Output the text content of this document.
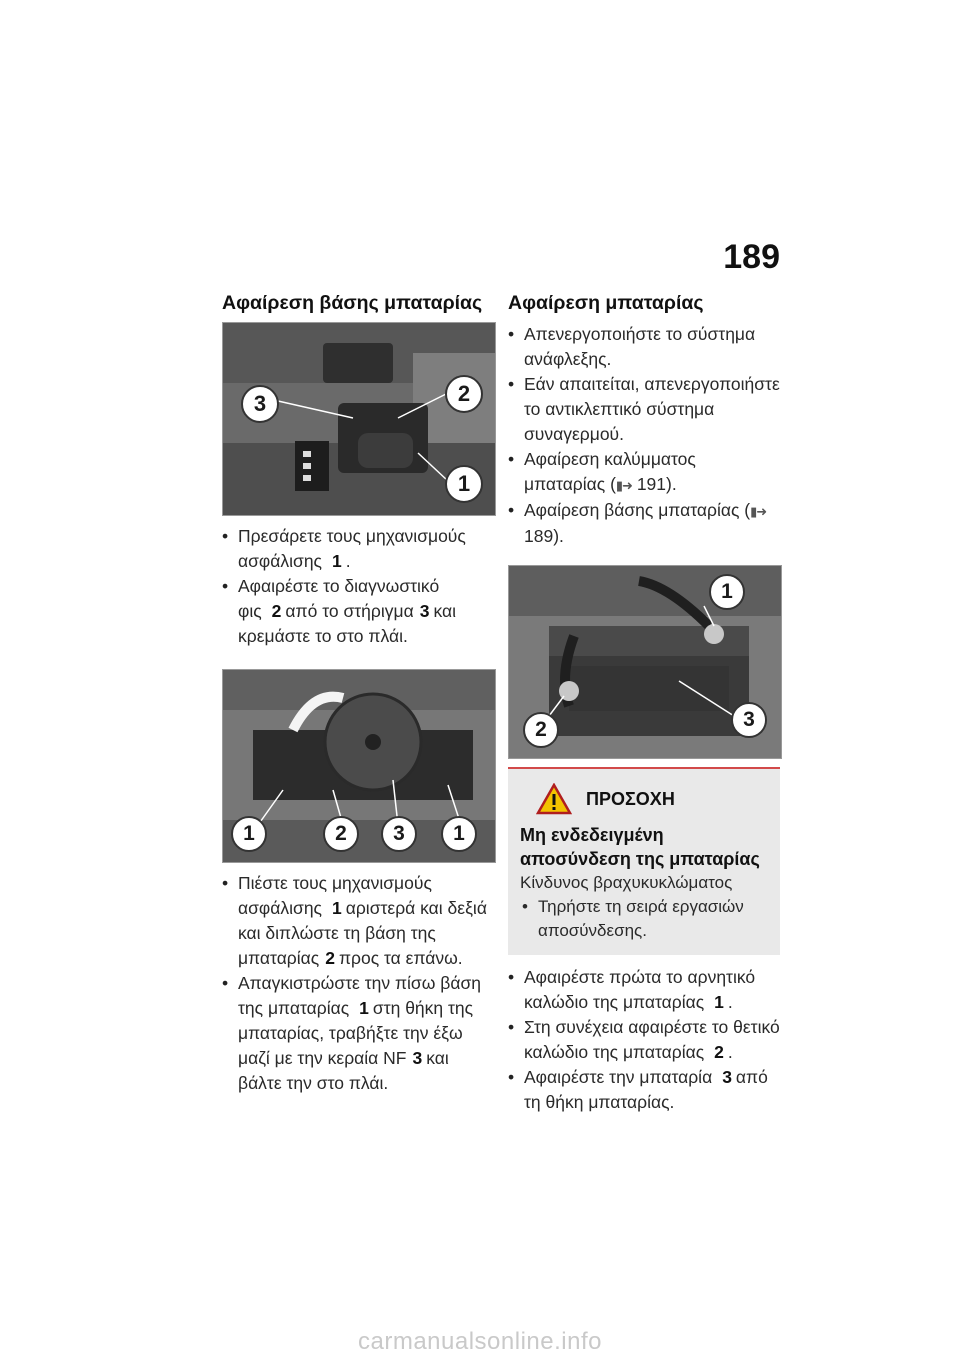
189
Αφαίρεση βάσης μπαταρίας
3	2
1
• Πρεσάρετε τους μηχανισμούς ασφάλισης 1 .
• Αφαιρέστε το διαγνωστικό φις 2 από το στήριγμα 3 και κρεμάστε το στο πλάι.
1	2	3	1
• Πιέστε τους μηχανισμούς ασφάλισης 1 αριστερά και δεξιά και διπλώστε τη βάση της μπαταρίας 2 προς τα επάνω.
• Απαγκιστρώστε την πίσω βάση της μπαταρίας 1 στη θήκη της μπαταρίας, τραβήξτε την έξω μαζί με την κεραία NF 3 και βάλτε την στο πλάι.
Αφαίρεση μπαταρίας
• Απενεργοποιήστε το σύστημα ανάφλεξης.
• Εάν απαιτείται, απενεργοποιήστε το αντικλεπτικό σύστημα συναγερμού.
• Αφαίρεση καλύμματος μπαταρίας (▮➜ 191).
• Αφαίρεση βάσης μπαταρίας (▮➜ 189).
1
2	3
ΠΡΟΣΟΧΗ
Μη ενδεδειγμένη αποσύνδεση της μπαταρίας
Κίνδυνος βραχυκυκλώματος
• Τηρήστε τη σειρά εργασιών αποσύνδεσης.
• Αφαιρέστε πρώτα το αρνητικό καλώδιο της μπαταρίας 1 .
• Στη συνέχεια αφαιρέστε το θετικό καλώδιο της μπαταρίας 2 .
• Αφαιρέστε την μπαταρία 3 από τη θήκη μπαταρίας.
carmanualsonline.info
